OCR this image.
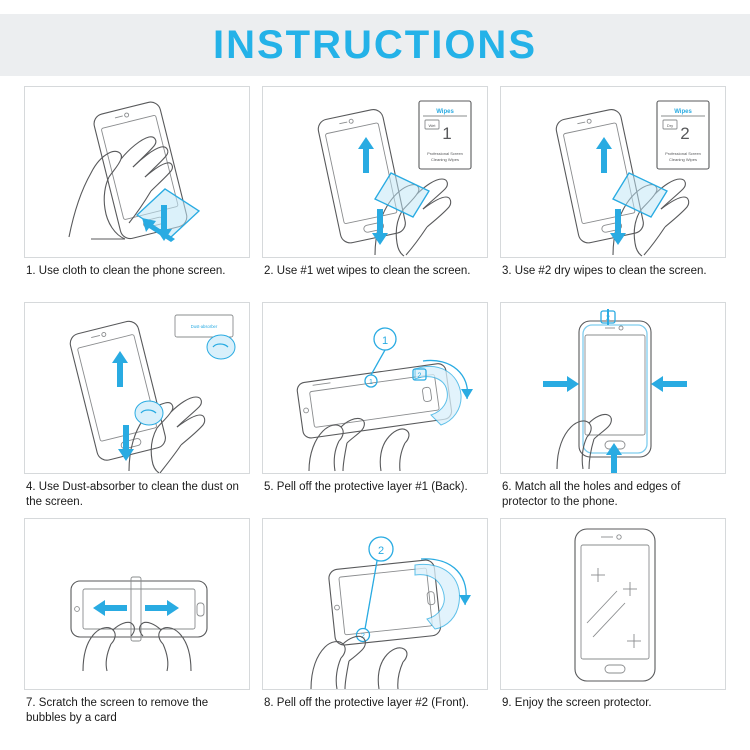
INSTRUCTIONS
1. Use cloth to clean the phone screen.
Wipes
Wet 1
Professional Screen
Cleaning Wipes
2. Use #1 wet wipes to clean the screen.
Wipes
Dry 2
Professional Screen
Cleaning Wipes
3. Use #2 dry wipes to clean the screen.
Dust-absorber
4. Use Dust-absorber to clean the dust on the screen.
1
1
2
5. Pell off the protective layer #1 (Back).
2
6. Match all the holes and edges of protector to the phone.
7. Scratch the screen to remove the bubbles by a card
2
2
8. Pell off the protective layer #2 (Front).	9. Enjoy the screen protector.
